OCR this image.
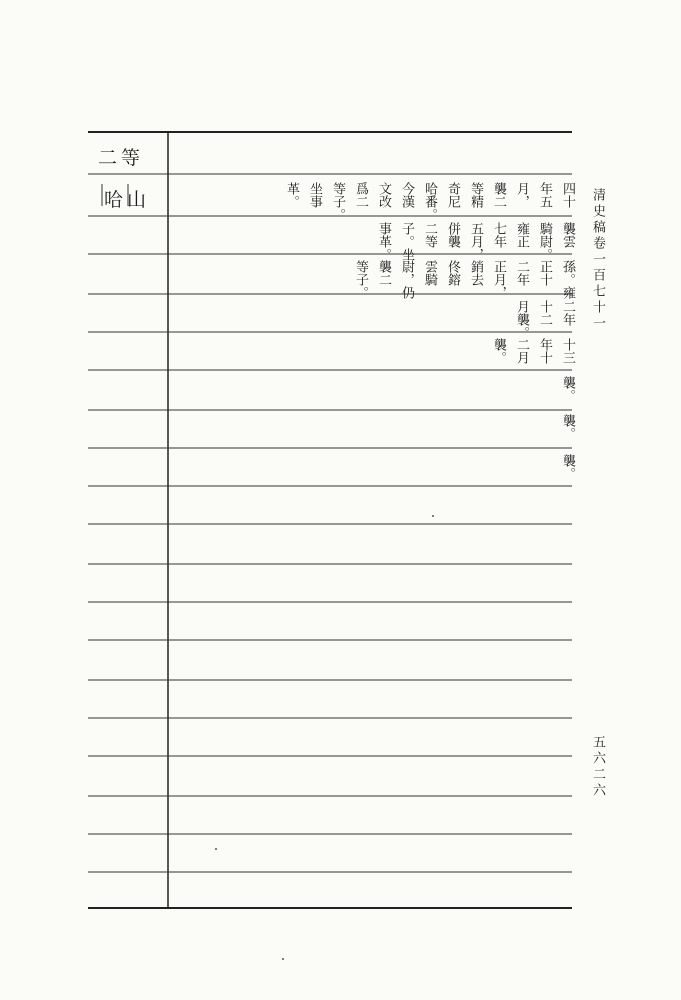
二等
哈山	四十
年五
月，
襲二
等精
奇尼
哈番。
今漢
文改
爲二
等子。
坐事
革。
襲雲
騎尉。
雍正
七年
五月，
併襲
二等
子。坐
事革。
孫。雍
正十
二年
正月，
銷去
佟鎔
雲騎
尉，仍
襲二
等子。
二年
十二
月襲。
十三
年十
二月
襲。
襲。
襲。
襲。
清史稿卷一百七十一
五六二六
